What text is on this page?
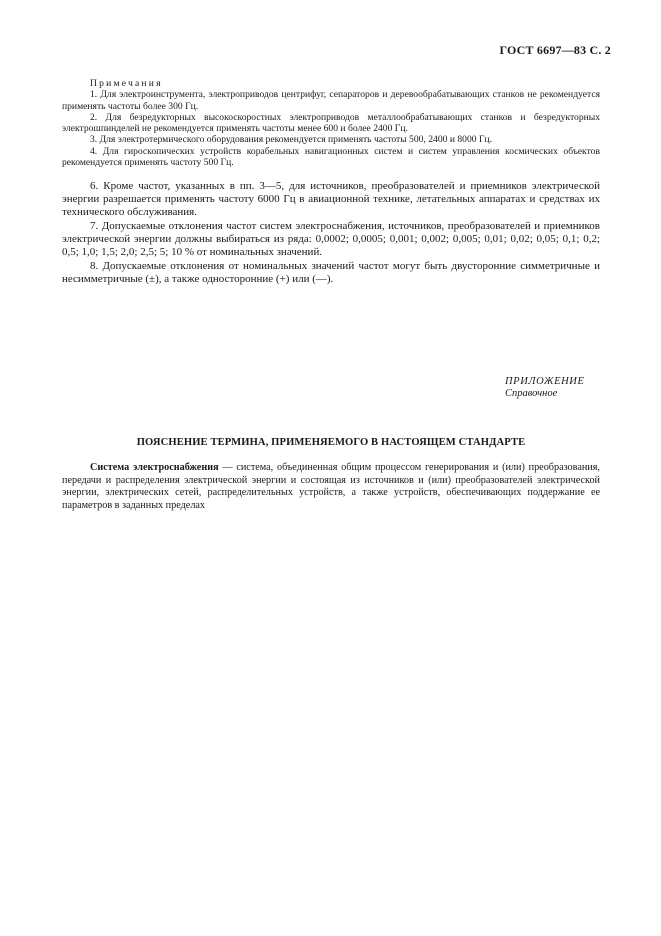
ГОСТ 6697—83 С. 2

Примечания

1. Для электроинструмента, электроприводов центрифуг, сепараторов и деревообрабатывающих станков не рекомендуется применять частоты более 300 Гц.

2. Для безредукторных высокоскоростных электроприводов металлообрабатывающих станков и безредукторных электрошпинделей не рекомендуется применять частоты менее 600 и более 2400 Гц.

3. Для электротермического оборудования рекомендуется применять частоты 500, 2400 и 8000 Гц.

4. Для гироскопических устройств корабельных навигационных систем и систем управления космических объектов рекомендуется применять частоту 500 Гц.

6. Кроме частот, указанных в пп. 3—5, для источников, преобразователей и приемников электрической энергии разрешается применять частоту 6000 Гц в авиационной технике, летательных аппаратах и средствах их технического обслуживания.

7. Допускаемые отклонения частот систем электроснабжения, источников, преобразователей и приемников электрической энергии должны выбираться из ряда: 0,0002; 0,0005; 0,001; 0,002; 0,005; 0,01; 0,02; 0,05; 0,1; 0,2; 0,5; 1,0; 1,5; 2,0; 2,5; 5; 10 % от номинальных значений.

8. Допускаемые отклонения от номинальных значений частот могут быть двусторонние симметричные и несимметричные (±), а также односторонние (+) или (—).

ПРИЛОЖЕНИЕ
Справочное
ПОЯСНЕНИЕ ТЕРМИНА, ПРИМЕНЯЕМОГО В НАСТОЯЩЕМ СТАНДАРТЕ

Система электроснабжения — система, объединенная общим процессом генерирования и (или) преобразования, передачи и распределения электрической энергии и состоящая из источников и (или) преобразователей электрической энергии, электрических сетей, распределительных устройств, а также устройств, обеспечивающих поддержание ее параметров в заданных пределах
